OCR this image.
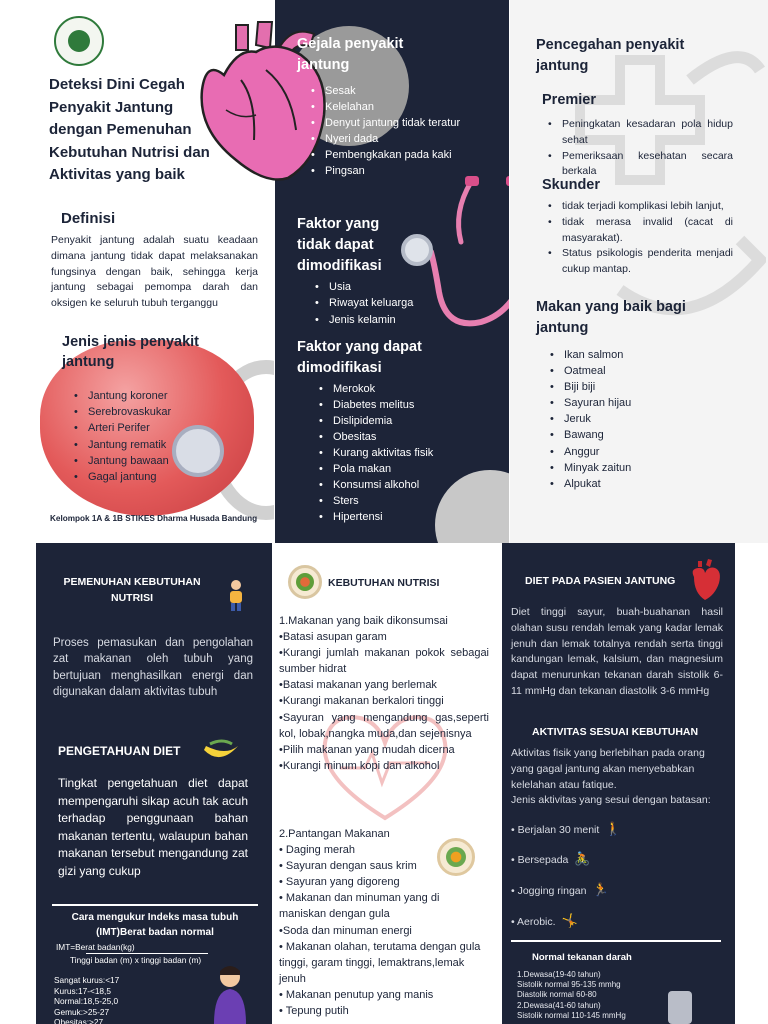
Deteksi Dini Cegah Penyakit Jantung dengan Pemenuhan Kebutuhan Nutrisi dan Aktivitas yang baik
Definisi
Penyakit jantung adalah suatu keadaan dimana jantung tidak dapat melaksanakan fungsinya dengan baik, sehingga kerja jantung sebagai pemompa darah dan oksigen ke seluruh tubuh terganggu
Jenis jenis penyakit jantung
• Jantung koroner
• Serebrovaskukar
• Arteri Perifer
• Jantung rematik
• Jantung bawaan
• Gagal jantung
Kelompok 1A & 1B STIKES Dharma Husada Bandung
Gejala penyakit jantung
• Sesak
• Kelelahan
• Denyut jantung tidak teratur
• Nyeri dada
• Pembengkakan pada kaki
• Pingsan
Faktor yang tidak dapat dimodifikasi
• Usia
• Riwayat keluarga
• Jenis kelamin
Faktor yang dapat dimodifikasi
• Merokok
• Diabetes melitus
• Dislipidemia
• Obesitas
• Kurang aktivitas fisik
• Pola makan
• Konsumsi alkohol
• Sters
• Hipertensi
Pencegahan penyakit jantung
Premier
• Peningkatan kesadaran pola hidup sehat
• Pemeriksaan kesehatan secara berkala
Skunder
• tidak terjadi komplikasi lebih lanjut,
• tidak merasa invalid (cacat di masyarakat).
• Status psikologis penderita menjadi cukup mantap.
Makan yang baik bagi jantung
• Ikan salmon
• Oatmeal
• Biji biji
• Sayuran hijau
• Jeruk
• Bawang
• Anggur
• Minyak zaitun
• Alpukat
PEMENUHAN KEBUTUHAN NUTRISI
Proses pemasukan dan pengolahan zat makanan oleh tubuh yang bertujuan menghasilkan energi dan digunakan dalam aktivitas tubuh
PENGETAHUAN DIET
Tingkat pengetahuan diet dapat mempengaruhi sikap acuh tak acuh terhadap penggunaan bahan makanan tertentu, walaupun bahan makanan tersebut mengandung zat gizi yang cukup
Cara mengukur Indeks masa tubuh (IMT)Berat badan normal
IMT=Berat badan(kg)
Tinggi badan (m) x tinggi badan (m)
Sangat kurus:<17
Kurus:17-<18,5
Normal:18,5-25,0
Gemuk:>25-27
Obesitas:>27
KEBUTUHAN NUTRISI
1.Makanan yang baik dikonsumsai
•Batasi asupan garam
•Kurangi jumlah makanan pokok sebagai sumber hidrat
•Batasi makanan yang berlemak
•Kurangi makanan berkalori tinggi
•Sayuran yang mengandung gas,seperti kol, lobak,nangka muda,dan sejenisnya
•Pilih makanan yang mudah dicerna
•Kurangi minum kopi dan alkohol
2.Pantangan Makanan
• Daging merah
• Sayuran dengan saus krim
• Sayuran yang digoreng
• Makanan dan minuman yang di maniskan dengan gula
•Soda dan minuman energi
• Makanan olahan, terutama dengan gula tinggi, garam tinggi, lemaktrans,lemak jenuh
• Makanan penutup yang manis
• Tepung putih
DIET PADA PASIEN JANTUNG
Diet tinggi sayur, buah-buahanan hasil olahan susu rendah lemak yang kadar lemak jenuh dan lemak totalnya rendah serta tinggi kandungan lemak, kalsium, dan magnesium dapat menurunkan tekanan darah sistolik 6-11 mmHg dan tekanan diastolik 3-6 mmHg
AKTIVITAS SESUAI KEBUTUHAN
Aktivitas fisik yang berlebihan pada orang yang gagal jantung akan menyebabkan kelelahan atau fatique.
Jenis aktivitas yang sesui dengan batasan:
• Berjalan 30 menit 🚶
• Bersepada 🚴
• Jogging ringan 🏃
• Aerobic. 🤸
Normal tekanan darah
1.Dewasa(19-40 tahun)
Sistolik normal 95-135 mmhg
Diastolik normal 60-80
2.Dewasa(41-60 tahun)
Sistolik normal 110-145 mmHg
